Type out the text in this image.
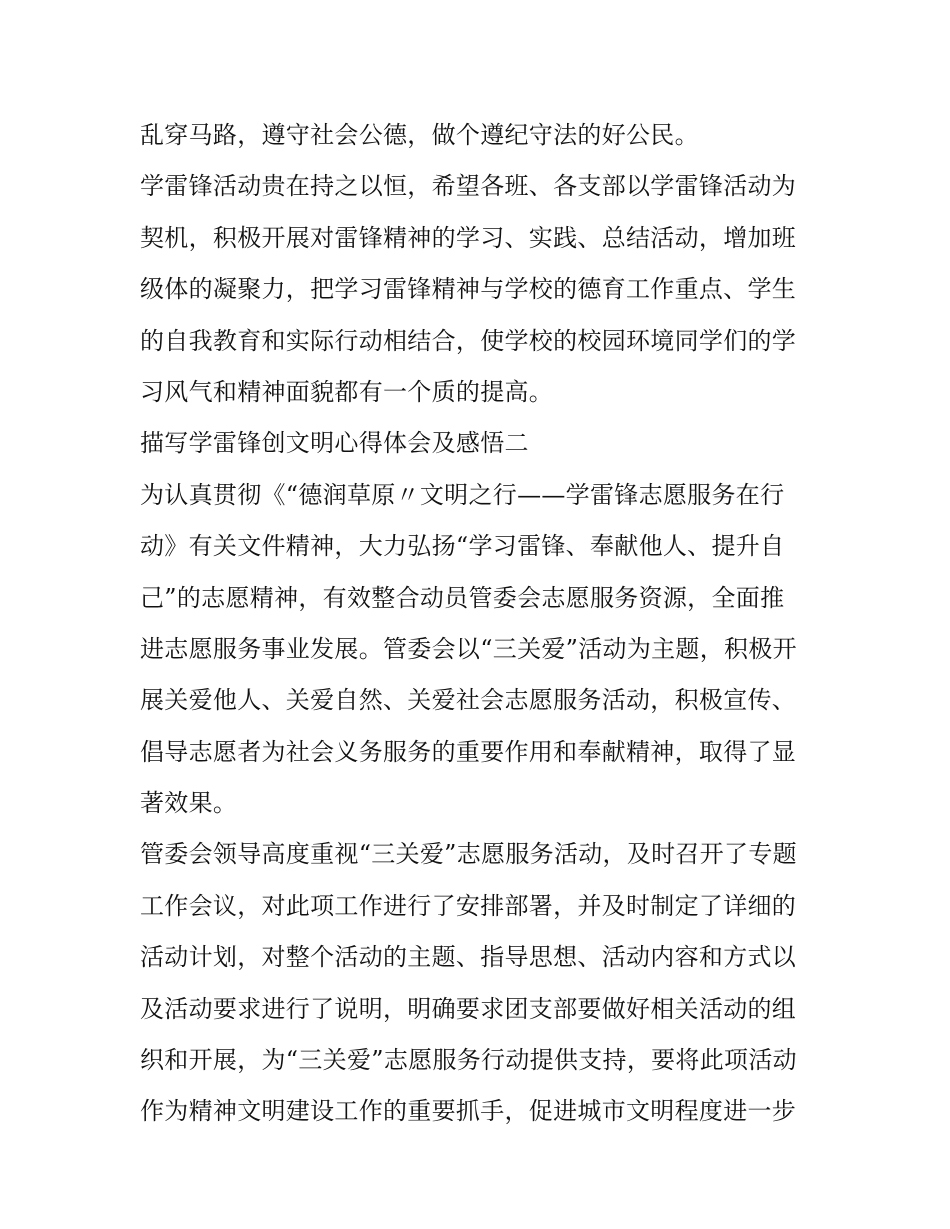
乱穿马路，遵守社会公德，做个遵纪守法的好公民。
学雷锋活动贵在持之以恒，希望各班、各支部以学雷锋活动为
契机，积极开展对雷锋精神的学习、实践、总结活动，增加班
级体的凝聚力，把学习雷锋精神与学校的德育工作重点、学生
的自我教育和实际行动相结合，使学校的校园环境同学们的学
习风气和精神面貌都有一个质的提高。
描写学雷锋创文明心得体会及感悟二
为认真贯彻《“德润草原〃文明之行——学雷锋志愿服务在行
动》有关文件精神，大力弘扬“学习雷锋、奉献他人、提升自
己”的志愿精神，有效整合动员管委会志愿服务资源，全面推
进志愿服务事业发展。管委会以“三关爱”活动为主题，积极开
展关爱他人、关爱自然、关爱社会志愿服务活动，积极宣传、
倡导志愿者为社会义务服务的重要作用和奉献精神，取得了显
著效果。
管委会领导高度重视“三关爱”志愿服务活动，及时召开了专题
工作会议，对此项工作进行了安排部署，并及时制定了详细的
活动计划，对整个活动的主题、指导思想、活动内容和方式以
及活动要求进行了说明，明确要求团支部要做好相关活动的组
织和开展，为“三关爱”志愿服务行动提供支持，要将此项活动
作为精神文明建设工作的重要抓手，促进城市文明程度进一步
